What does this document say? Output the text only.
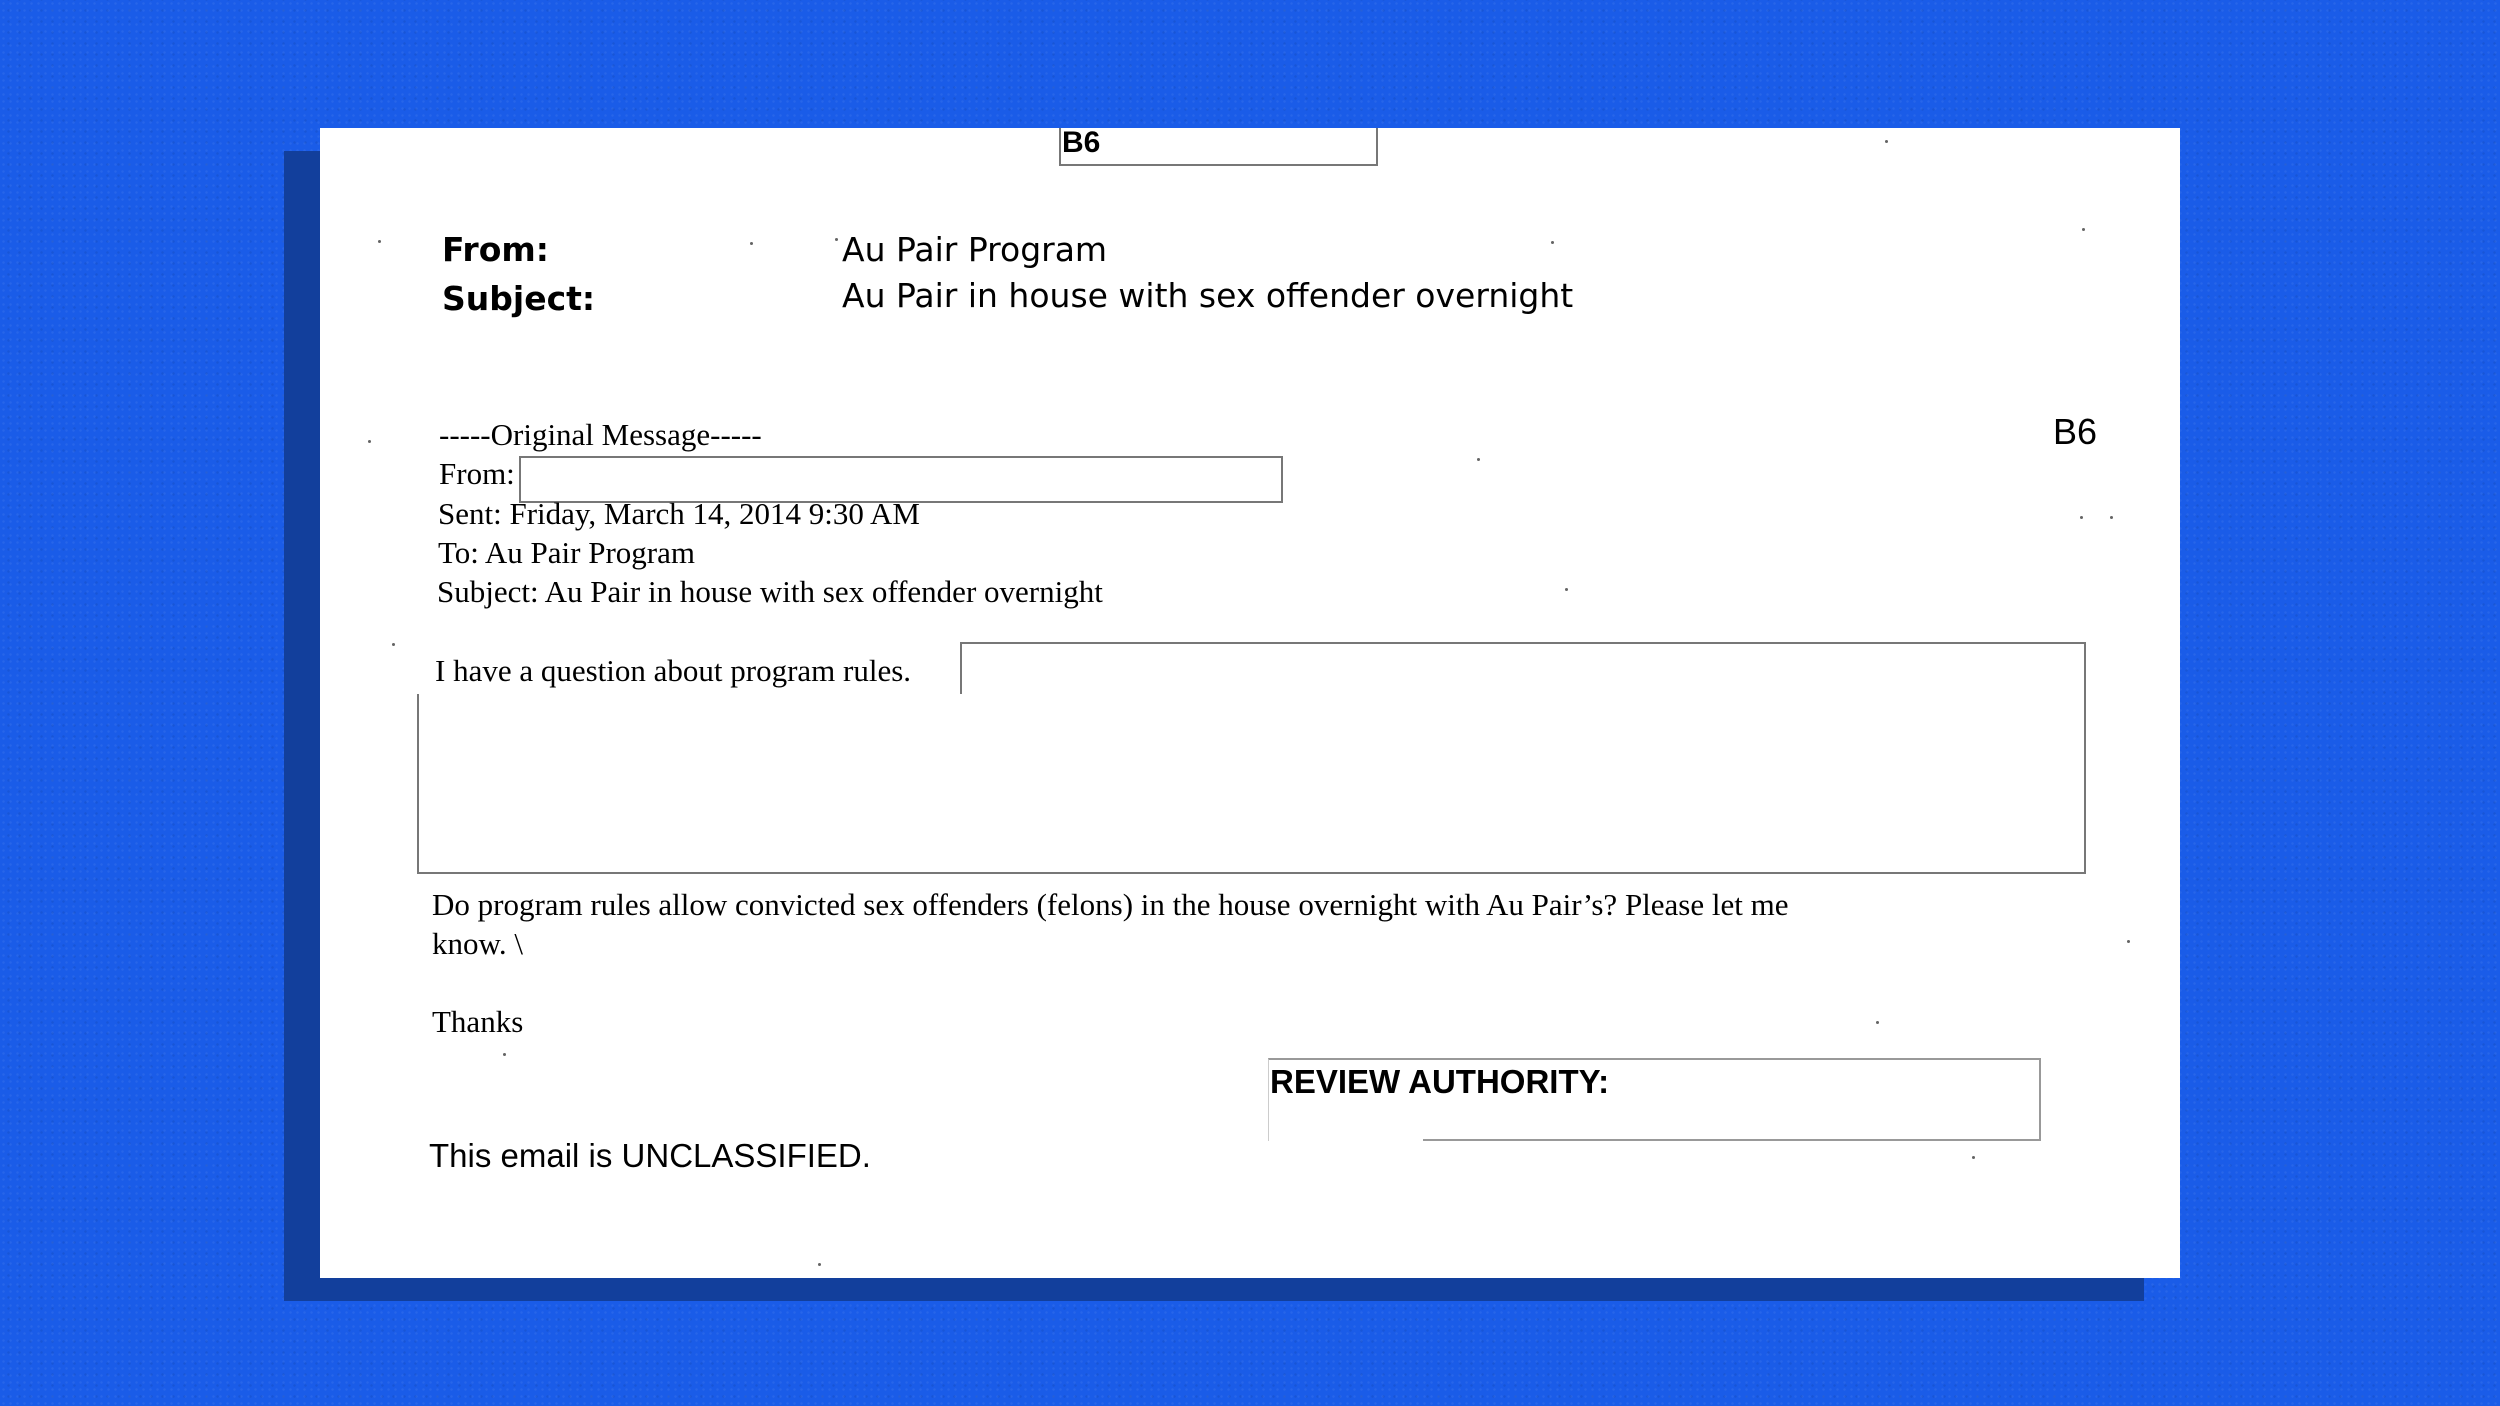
B6
From:	Au Pair Program
Subject:	Au Pair in house with sex offender overnight
B6
-----Original Message-----
From:
Sent: Friday, March 14, 2014 9:30 AM
To: Au Pair Program
Subject: Au Pair in house with sex offender overnight
I have a question about program rules.
Do program rules allow convicted sex offenders (felons) in the house overnight with Au Pair’s? Please let me
know. \
Thanks
REVIEW AUTHORITY:
This email is UNCLASSIFIED.
